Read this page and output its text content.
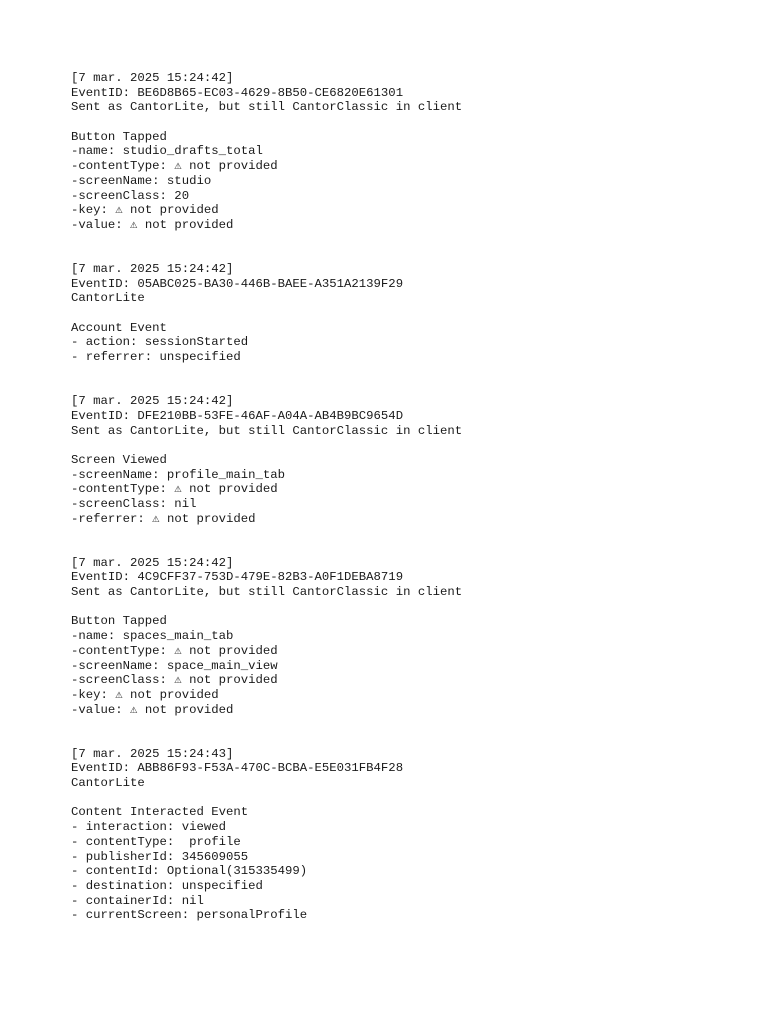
[7 mar. 2025 15:24:42]
EventID: BE6D8B65-EC03-4629-8B50-CE6820E61301
Sent as CantorLite, but still CantorClassic in client
Button Tapped
-name: studio_drafts_total
-contentType: ⚠ not provided
-screenName: studio
-screenClass: 20
-key: ⚠ not provided
-value: ⚠ not provided
[7 mar. 2025 15:24:42]
EventID: 05ABC025-BA30-446B-BAEE-A351A2139F29
CantorLite
Account Event
- action: sessionStarted
- referrer: unspecified
[7 mar. 2025 15:24:42]
EventID: DFE210BB-53FE-46AF-A04A-AB4B9BC9654D
Sent as CantorLite, but still CantorClassic in client
Screen Viewed
-screenName: profile_main_tab
-contentType: ⚠ not provided
-screenClass: nil
-referrer: ⚠ not provided
[7 mar. 2025 15:24:42]
EventID: 4C9CFF37-753D-479E-82B3-A0F1DEBA8719
Sent as CantorLite, but still CantorClassic in client
Button Tapped
-name: spaces_main_tab
-contentType: ⚠ not provided
-screenName: space_main_view
-screenClass: ⚠ not provided
-key: ⚠ not provided
-value: ⚠ not provided
[7 mar. 2025 15:24:43]
EventID: ABB86F93-F53A-470C-BCBA-E5E031FB4F28
CantorLite
Content Interacted Event
- interaction: viewed
- contentType:  profile
- publisherId: 345609055
- contentId: Optional(315335499)
- destination: unspecified
- containerId: nil
- currentScreen: personalProfile
